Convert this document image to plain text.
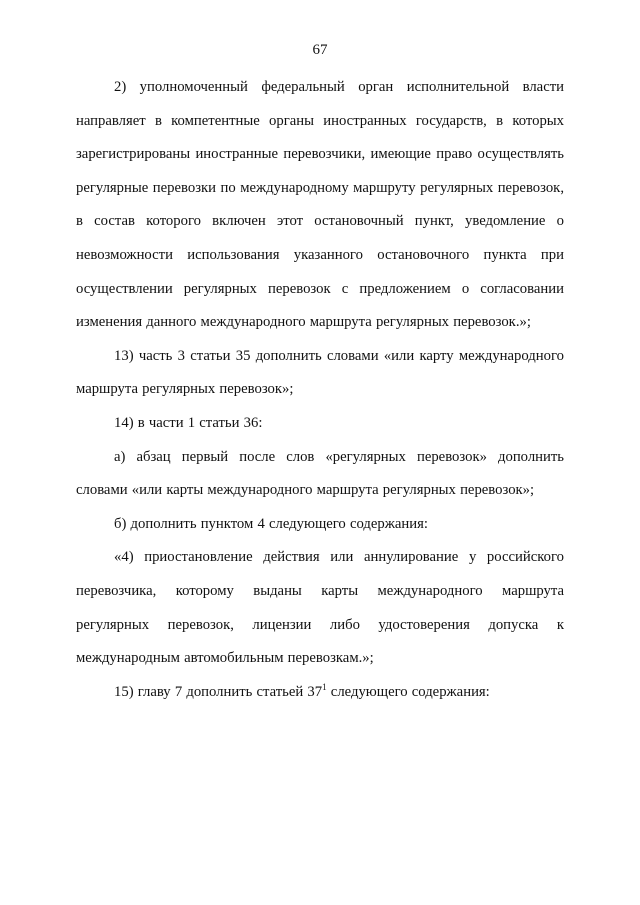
67

2) уполномоченный федеральный орган исполнительной власти направляет в компетентные органы иностранных государств, в которых зарегистрированы иностранные перевозчики, имеющие право осуществлять регулярные перевозки по международному маршруту регулярных перевозок, в состав которого включен этот остановочный пункт, уведомление о невозможности использования указанного остановочного пункта при осуществлении регулярных перевозок с предложением о согласовании изменения данного международного маршрута регулярных перевозок.»;

13) часть 3 статьи 35 дополнить словами «или карту международного маршрута регулярных перевозок»;

14) в части 1 статьи 36:

а) абзац первый после слов «регулярных перевозок» дополнить словами «или карты международного маршрута регулярных перевозок»;

б) дополнить пунктом 4 следующего содержания:

«4) приостановление действия или аннулирование у российского перевозчика, которому выданы карты международного маршрута регулярных перевозок, лицензии либо удостоверения допуска к международным автомобильным перевозкам.»;

15) главу 7 дополнить статьей $37^1$ следующего содержания:
